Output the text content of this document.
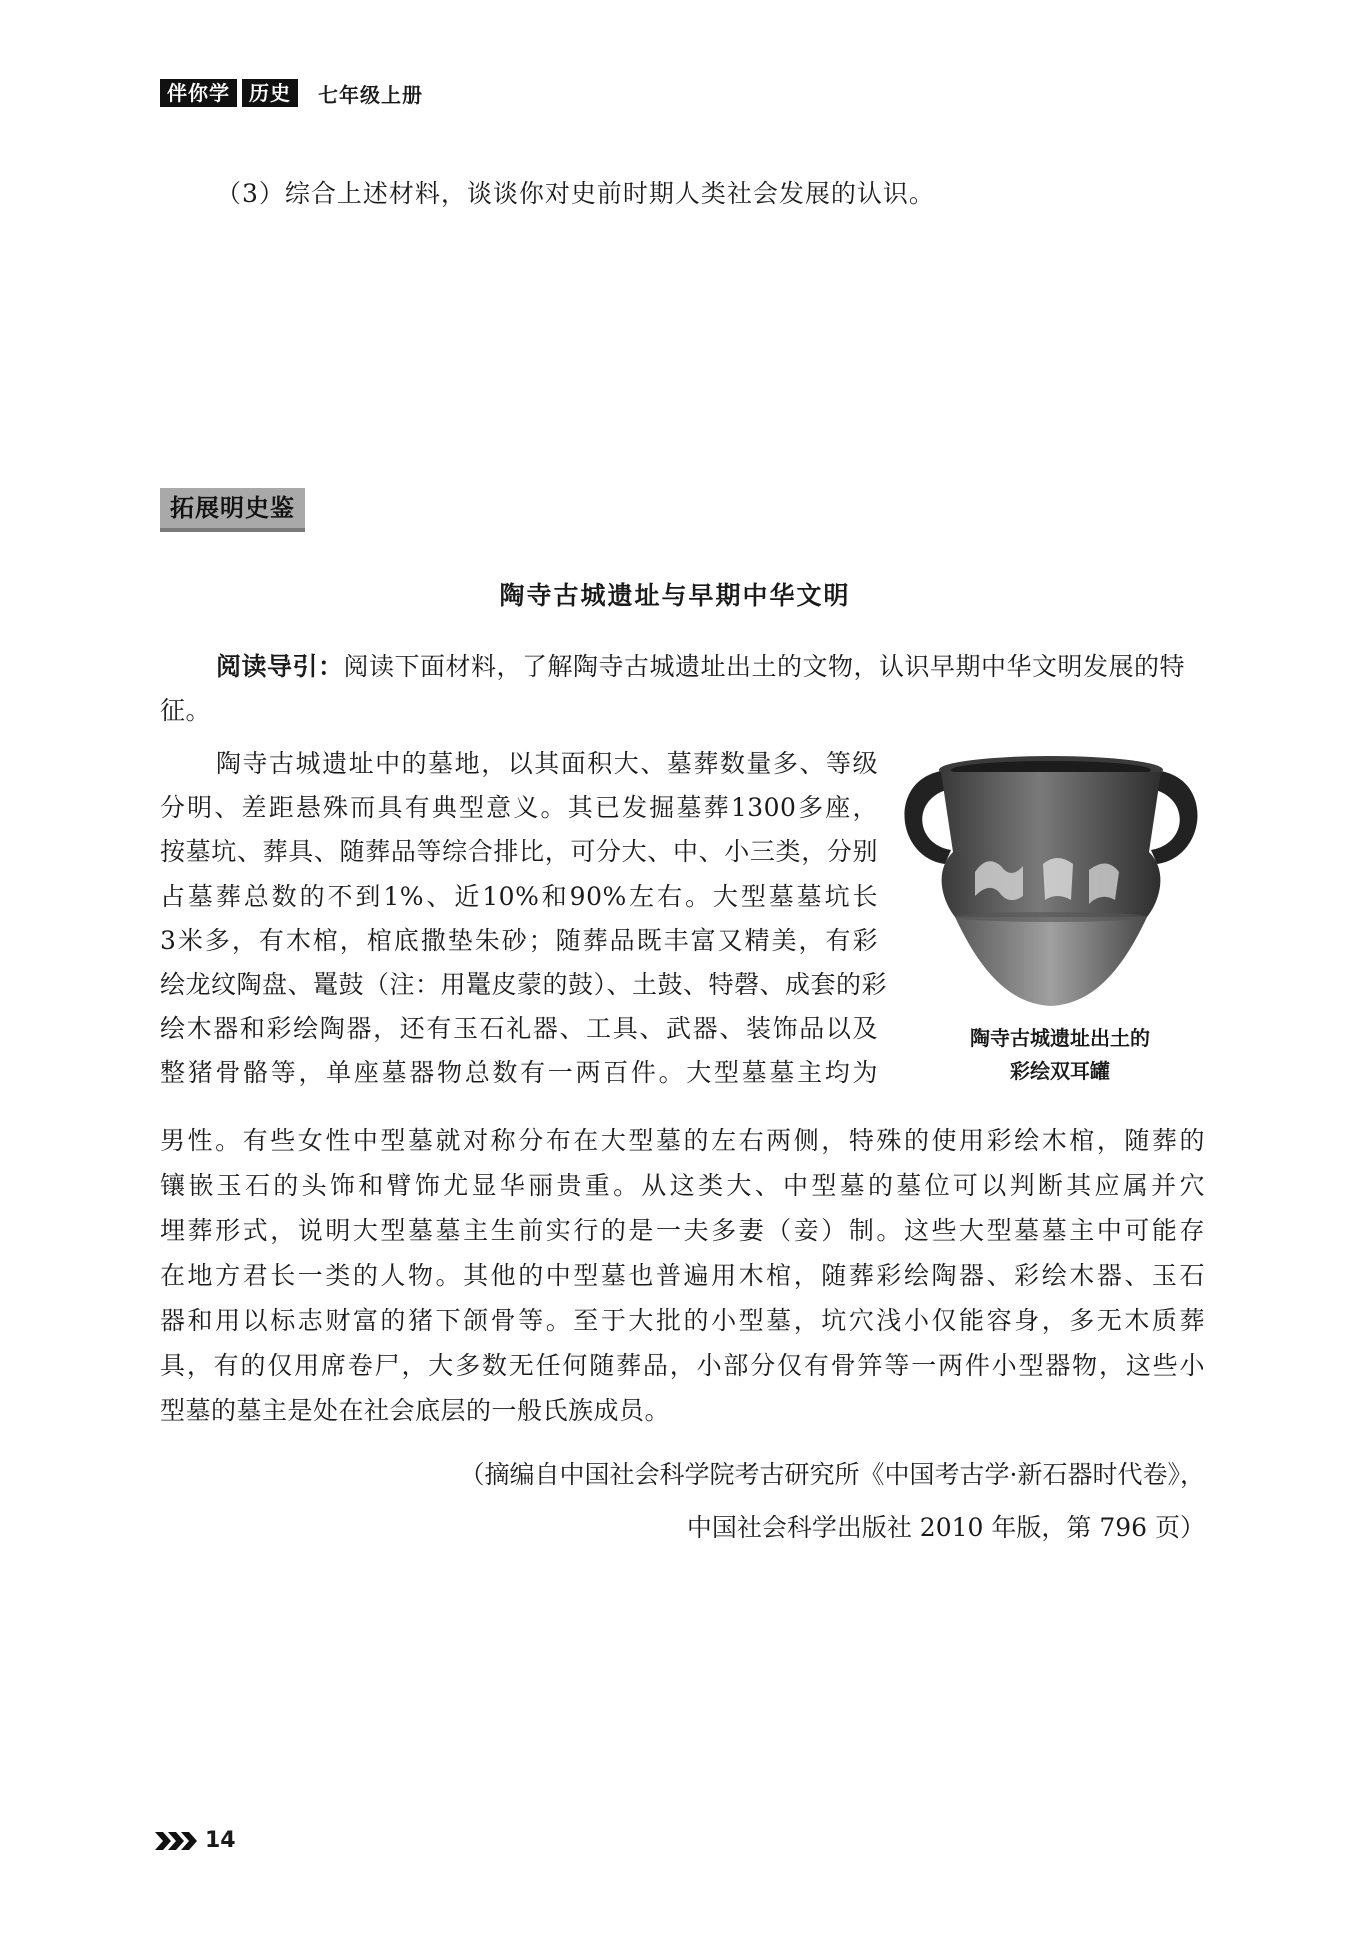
伴你学 历史	七年级上册
（3）综合上述材料，谈谈你对史前时期人类社会发展的认识。
拓展明史鉴
陶寺古城遗址与早期中华文明
阅读导引：阅读下面材料，了解陶寺古城遗址出土的文物，认识早期中华文明发展的特征。
陶寺古城遗址中的墓地，以其面积大、墓葬数量多、等级
分明、差距悬殊而具有典型意义。其已发掘墓葬1300多座，
按墓坑、葬具、随葬品等综合排比，可分大、中、小三类，分别
占墓葬总数的不到1%、近10%和90%左右。大型墓墓坑长
3米多，有木棺，棺底撒垫朱砂；随葬品既丰富又精美，有彩
绘龙纹陶盘、鼍鼓（注：用鼍皮蒙的鼓）、土鼓、特磬、成套的彩
绘木器和彩绘陶器，还有玉石礼器、工具、武器、装饰品以及
整猪骨骼等，单座墓器物总数有一两百件。大型墓墓主均为
陶寺古城遗址出土的
彩绘双耳罐
男性。有些女性中型墓就对称分布在大型墓的左右两侧，特殊的使用彩绘木棺，随葬的
镶嵌玉石的头饰和臂饰尤显华丽贵重。从这类大、中型墓的墓位可以判断其应属并穴
埋葬形式，说明大型墓墓主生前实行的是一夫多妻（妾）制。这些大型墓墓主中可能存
在地方君长一类的人物。其他的中型墓也普遍用木棺，随葬彩绘陶器、彩绘木器、玉石
器和用以标志财富的猪下颌骨等。至于大批的小型墓，坑穴浅小仅能容身，多无木质葬
具，有的仅用席卷尸，大多数无任何随葬品，小部分仅有骨笄等一两件小型器物，这些小
型墓的墓主是处在社会底层的一般氏族成员。
（摘编自中国社会科学院考古研究所《中国考古学·新石器时代卷》，
中国社会科学出版社 2010 年版，第 796 页）
14
